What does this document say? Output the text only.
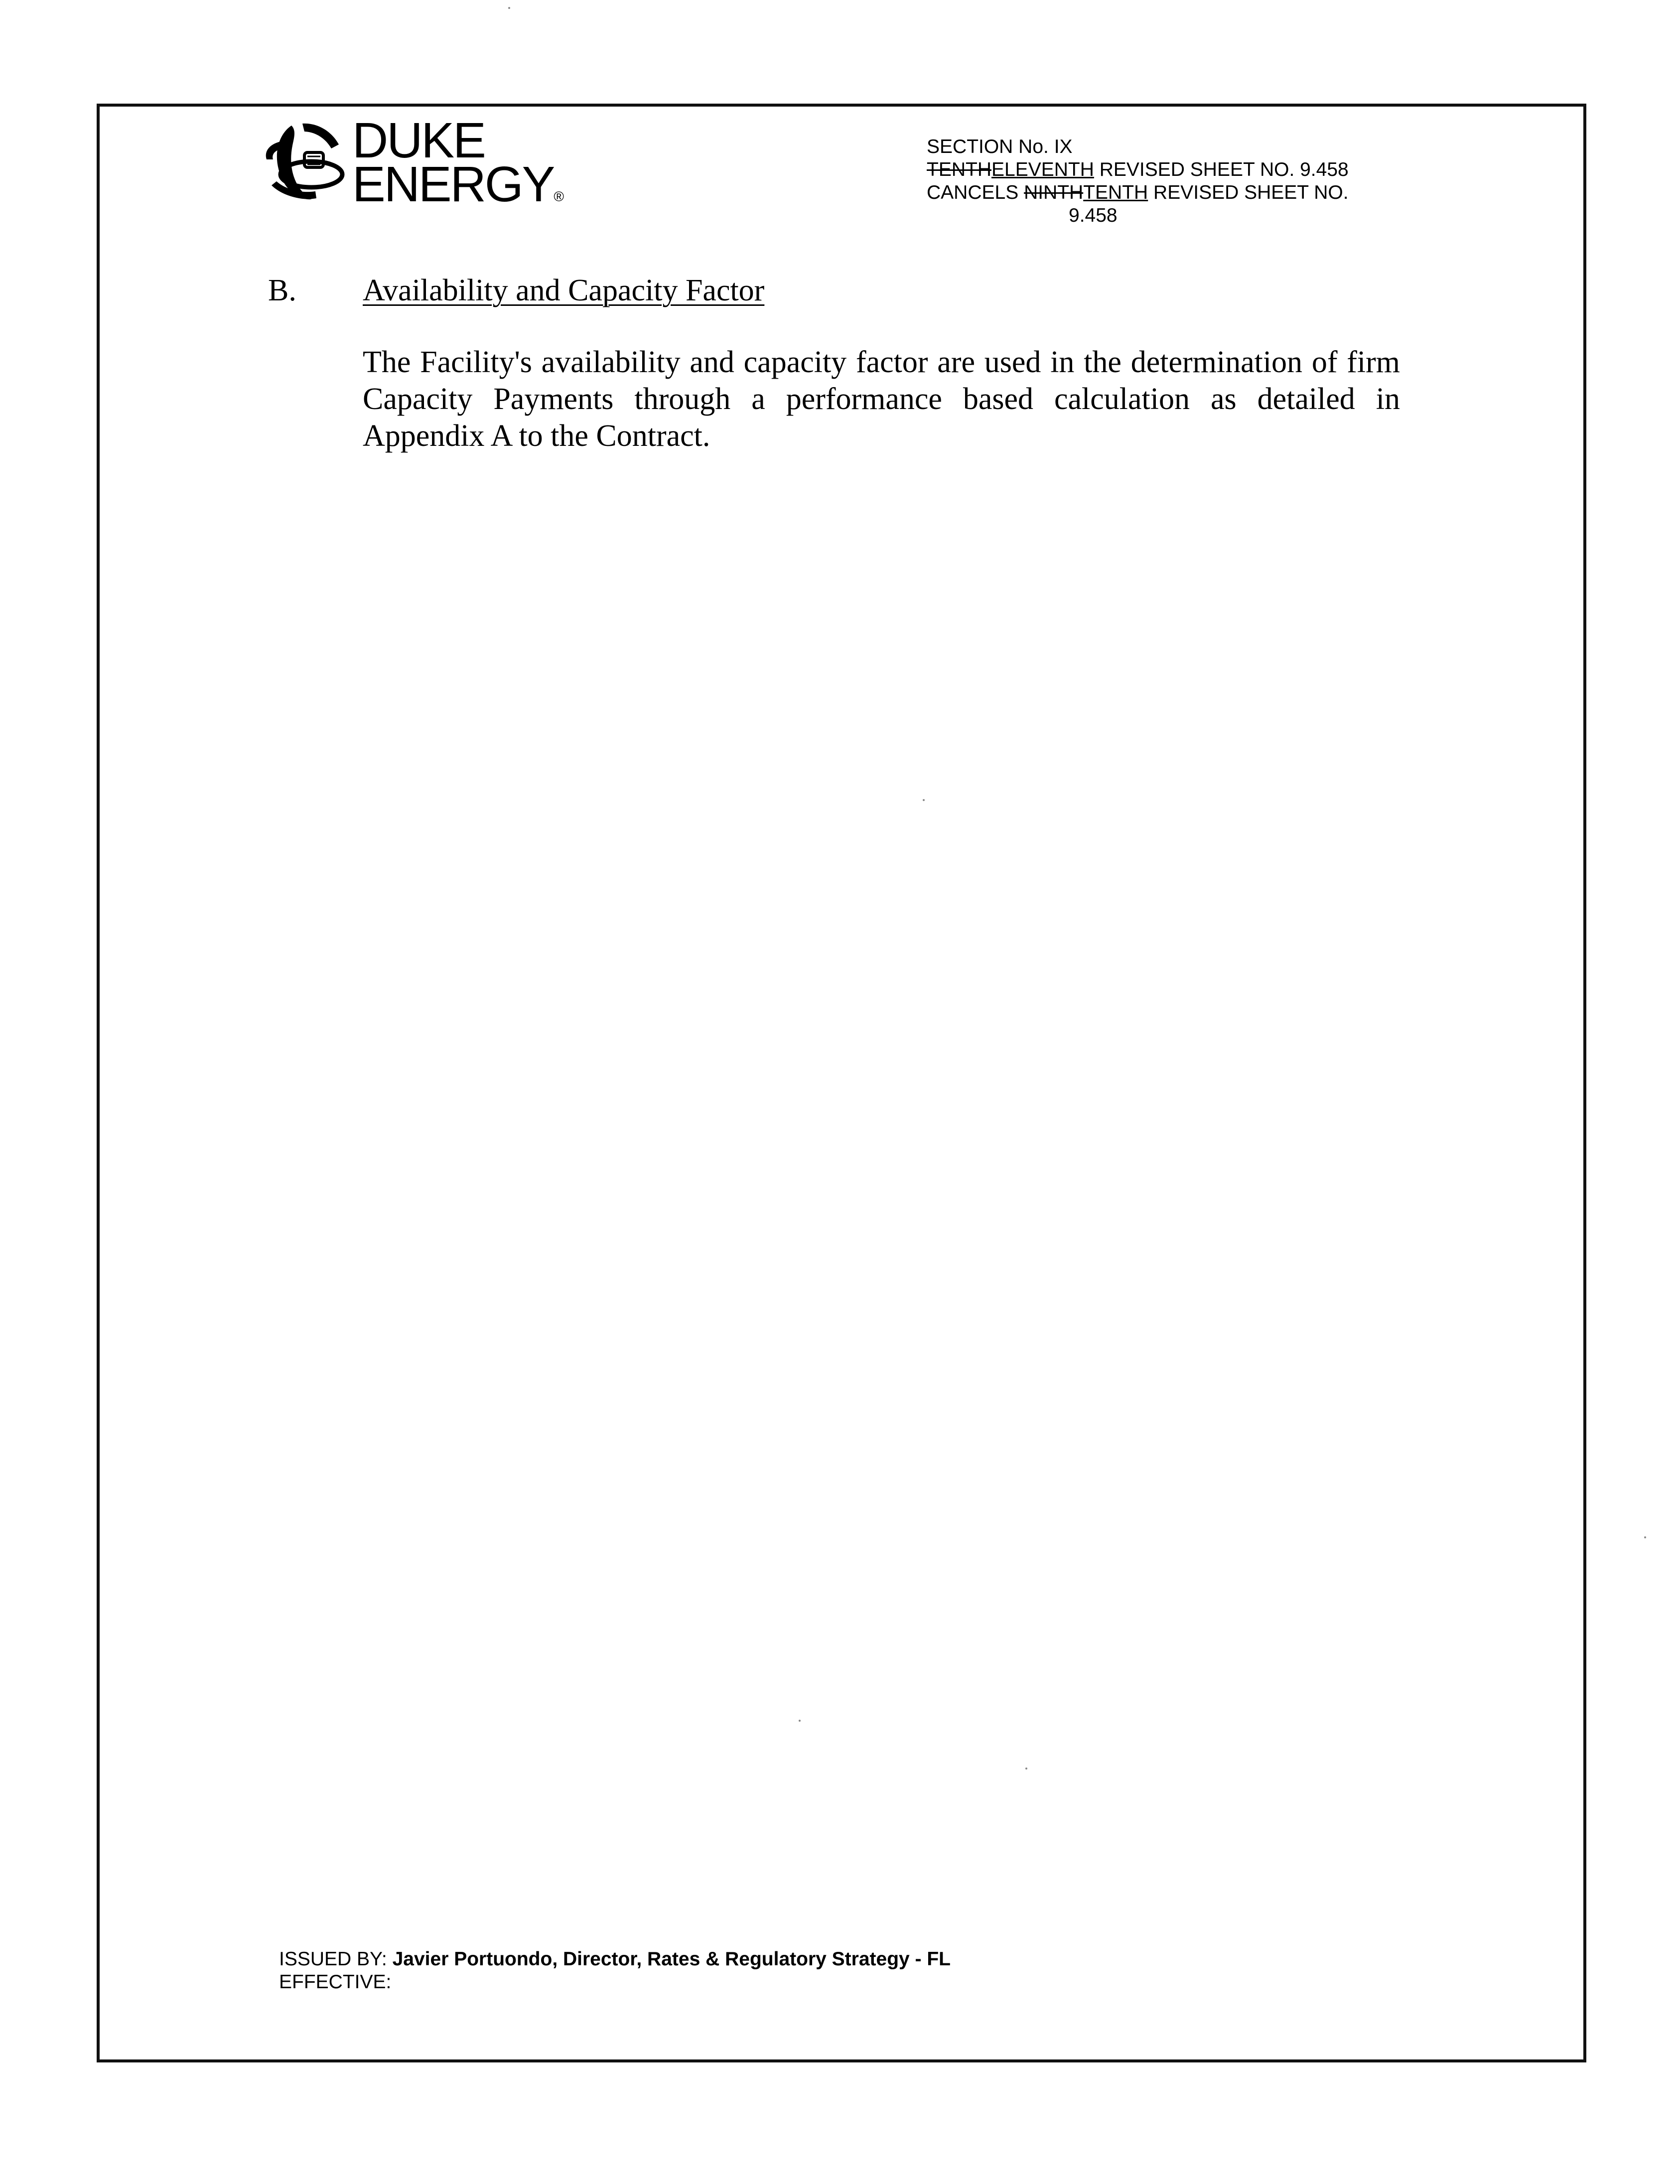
DUKE
ENERGY®
SECTION No. IX
TENTHELEVENTH REVISED SHEET NO. 9.458
CANCELS NINTHTENTH REVISED SHEET NO.
9.458
B. Availability and Capacity Factor
The Facility's availability and capacity factor are used in the determination of firm Capacity Payments through a performance based calculation as detailed in Appendix A to the Contract.
ISSUED BY: Javier Portuondo, Director, Rates & Regulatory Strategy - FL
EFFECTIVE:
